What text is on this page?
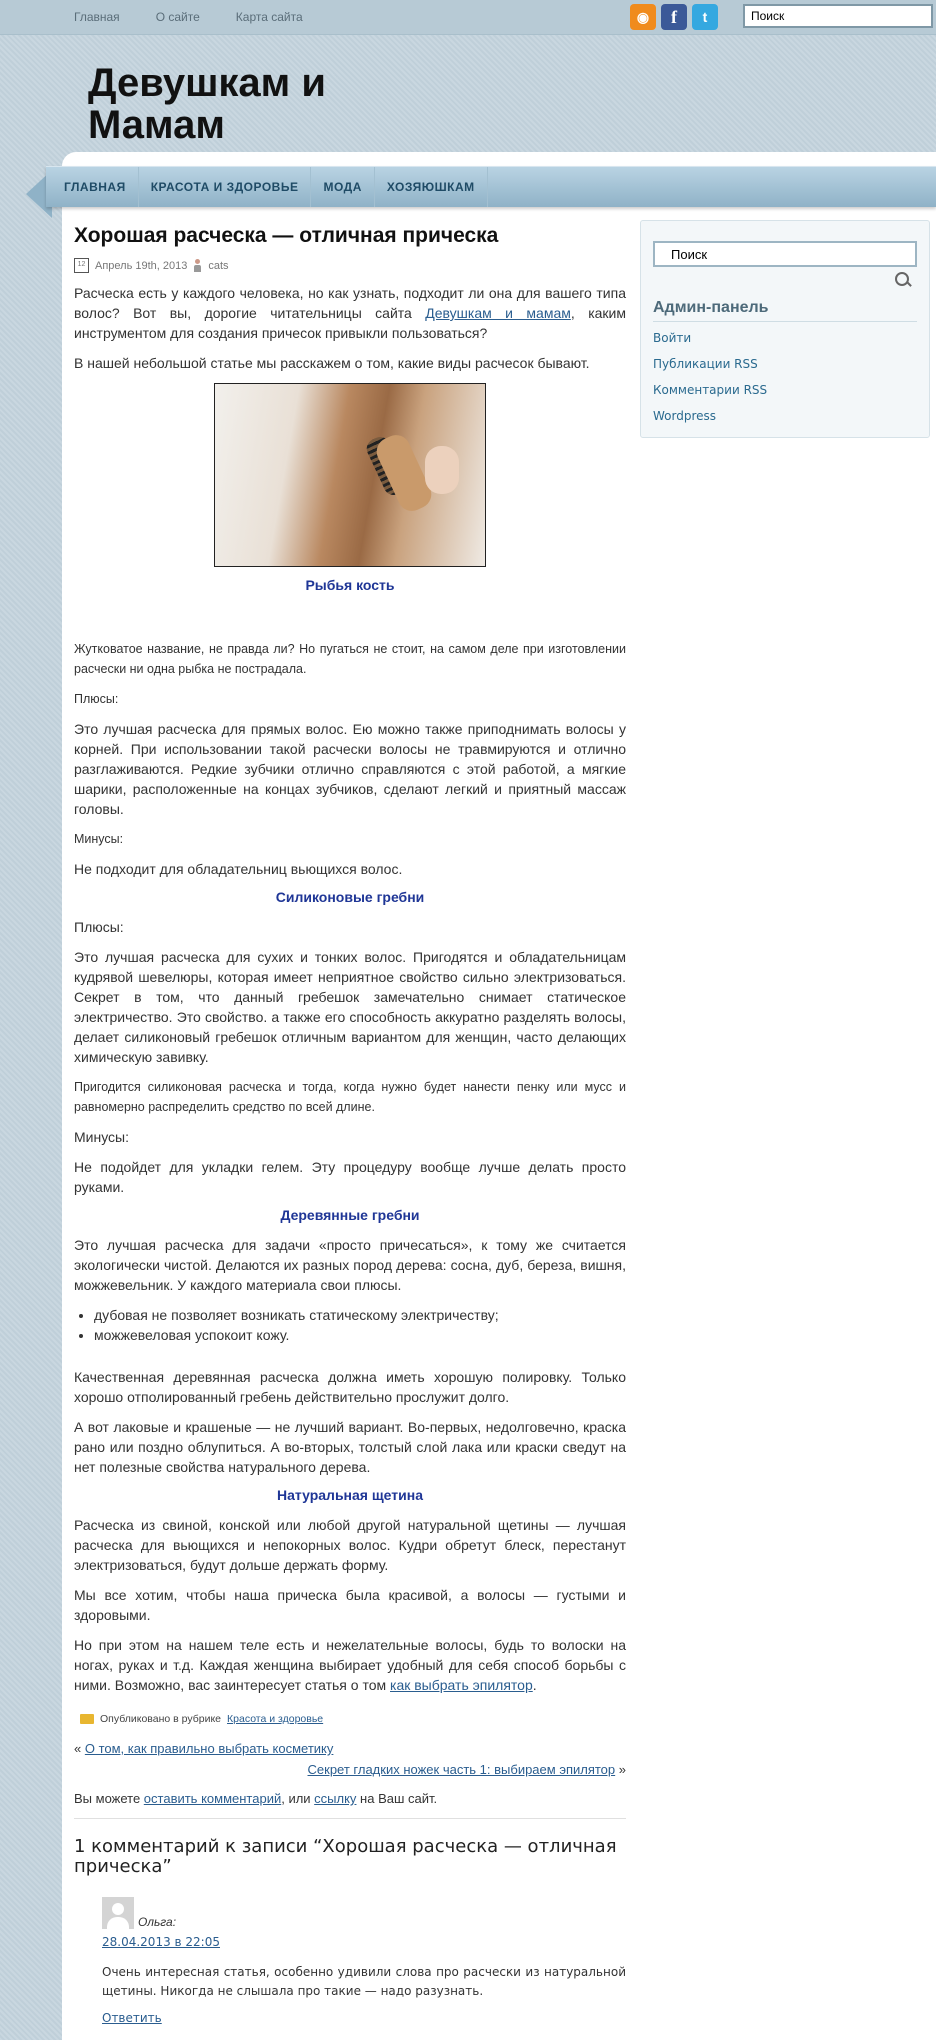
Главная	О сайте	Карта сайта	◉	f	t
Поиск
Девушкам и
Мамам
ГЛАВНАЯ	КРАСОТА И ЗДОРОВЬЕ	МОДА	ХОЗЯЮШКАМ
Хорошая расческа — отличная прическа
12 Апрель 19th, 2013 cats

Расческа есть у каждого человека, но как узнать, подходит ли она для вашего типа волос? Вот вы, дорогие читательницы сайта Девушкам и мамам, каким инструментом для создания причесок привыкли пользоваться?

В нашей небольшой статье мы расскажем о том, какие виды расчесок бывают.

Рыбья кость

Жутковатое название, не правда ли? Но пугаться не стоит, на самом деле при изготовлении расчески ни одна рыбка не пострадала.

Плюсы:

Это лучшая расческа для прямых волос. Ею можно также приподнимать волосы у корней. При использовании такой расчески волосы не травмируются и отлично разглаживаются. Редкие зубчики отлично справляются с этой работой, а мягкие шарики, расположенные на концах зубчиков, сделают легкий и приятный массаж головы.

Минусы:

Не подходит для обладательниц вьющихся волос.

Силиконовые гребни

Плюсы:

Это лучшая расческа для сухих и тонких волос. Пригодятся и обладательницам кудрявой шевелюры, которая имеет неприятное свойство сильно электризоваться. Секрет в том, что данный гребешок замечательно снимает статическое электричество. Это свойство. а также его способность аккуратно разделять волосы, делает силиконовый гребешок отличным вариантом для женщин, часто делающих химическую завивку.

Пригодится силиконовая расческа и тогда, когда нужно будет нанести пенку или мусс и равномерно распределить средство по всей длине.

Минусы:

Не подойдет для укладки гелем. Эту процедуру вообще лучше делать просто руками.

Деревянные гребни

Это лучшая расческа для задачи «просто причесаться», к тому же считается экологически чистой. Делаются их разных пород дерева: сосна, дуб, береза, вишня, можжевельник. У каждого материала свои плюсы.

• дубовая не позволяет возникать статическому электричеству;
• можжевеловая успокоит кожу.

Качественная деревянная расческа должна иметь хорошую полировку. Только хорошо отполированный гребень действительно прослужит долго.

А вот лаковые и крашеные — не лучший вариант. Во-первых, недолговечно, краска рано или поздно облупиться. А во-вторых, толстый слой лака или краски сведут на нет полезные свойства натурального дерева.

Натуральная щетина

Расческа из свиной, конской или любой другой натуральной щетины — лучшая расческа для вьющихся и непокорных волос. Кудри обретут блеск, перестанут электризоваться, будут дольше держать форму.

Мы все хотим, чтобы наша прическа была красивой, а волосы — густыми и здоровыми.

Но при этом на нашем теле есть и нежелательные волосы, будь то волоски на ногах, руках и т.д. Каждая женщина выбирает удобный для себя способ борьбы с ними. Возможно, вас заинтересует статья о том как выбрать эпилятор.

Опубликовано в рубрике Красота и здоровье
« О том, как правильно выбрать косметику
Секрет гладких ножек часть 1: выбираем эпилятор »
Вы можете оставить комментарий, или ссылку на Ваш сайт.
1 комментарий к записи “Хорошая расческа — отличная прическа”
Ольга:
28.04.2013 в 22:05

Очень интересная статья, особенно удивили слова про расчески из натуральной щетины. Никогда не слышала про такие — надо разузнать.

Ответить
Поиск
Админ-панель
Войти
Публикации RSS
Комментарии RSS
Wordpress
